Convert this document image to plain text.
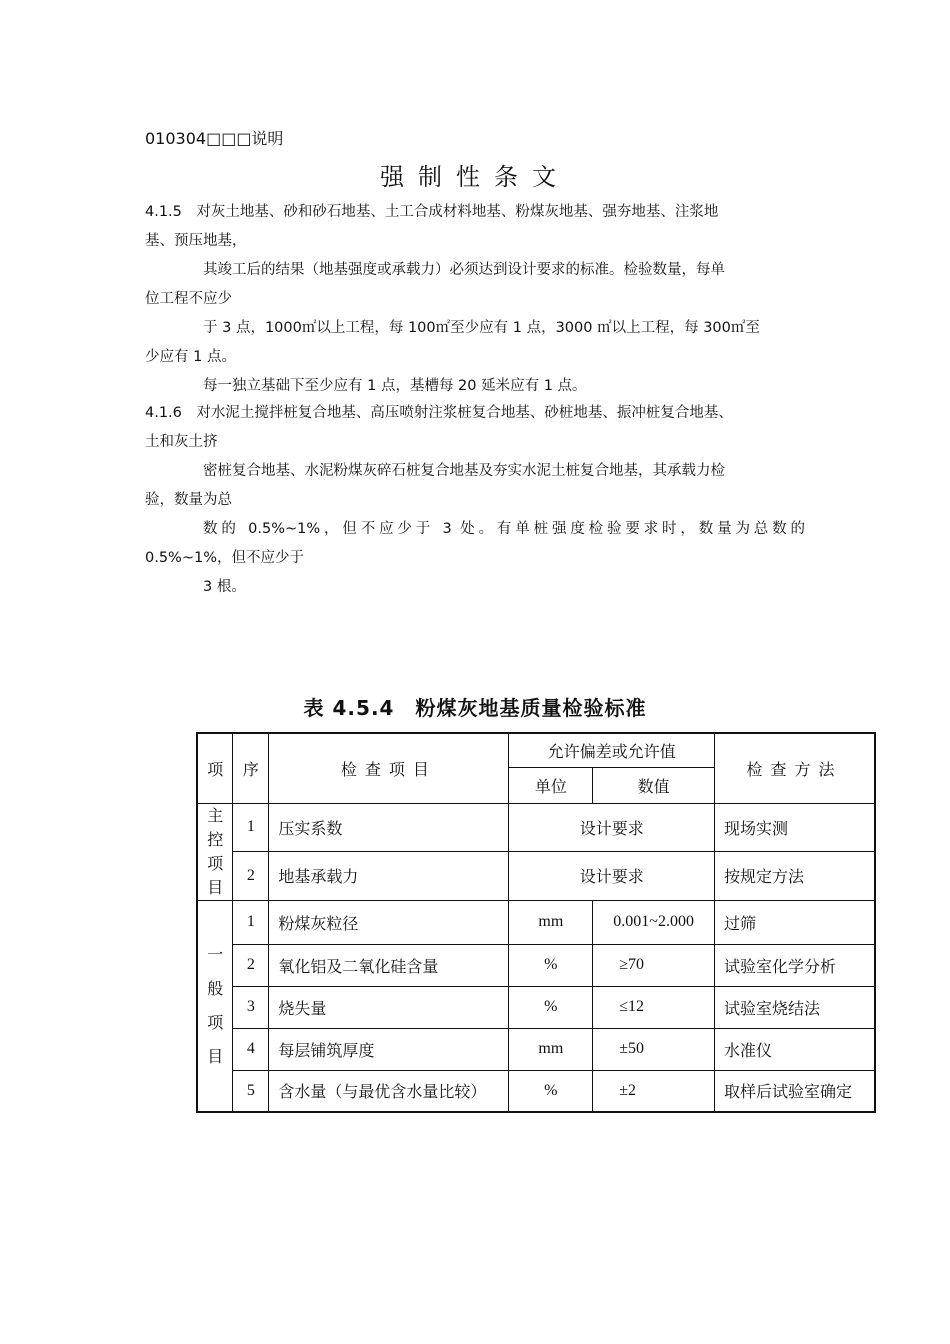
010304□□□说明
强制性条文
4.1.5　对灰土地基、砂和砂石地基、土工合成材料地基、粉煤灰地基、强夯地基、注浆地
基、预压地基，
其竣工后的结果（地基强度或承载力）必须达到设计要求的标准。检验数量，每单
位工程不应少
于 3 点，1000㎡以上工程，每 100㎡至少应有 1 点，3000 ㎡以上工程，每 300㎡至
少应有 1 点。
每一独立基础下至少应有 1 点，基槽每 20 延米应有 1 点。
4.1.6　对水泥土搅拌桩复合地基、高压喷射注浆桩复合地基、砂桩地基、振冲桩复合地基、
土和灰土挤
密桩复合地基、水泥粉煤灰碎石桩复合地基及夯实水泥土桩复合地基，其承载力检
验，数量为总
数的 0.5%~1%，但不应少于 3 处。有单桩强度检验要求时，数量为总数的
0.5%~1%，但不应少于
3 根。
表 4.5.4　粉煤灰地基质量检验标准
项	序	检查项目	允许偏差或允许值		检查方法
			单位	数值	

主
控
项
目	1	压实系数	设计要求		现场实测
	2	地基承载力	设计要求		按规定方法

一
般
项
目	1	粉煤灰粒径	mm	0.001~2.000	过筛
	2	氧化铝及二氧化硅含量	%	≥70	试验室化学分析
	3	烧失量	%	≤12	试验室烧结法
	4	每层铺筑厚度	mm	±50	水准仪
	5	含水量（与最优含水量比较）	%	±2	取样后试验室确定
